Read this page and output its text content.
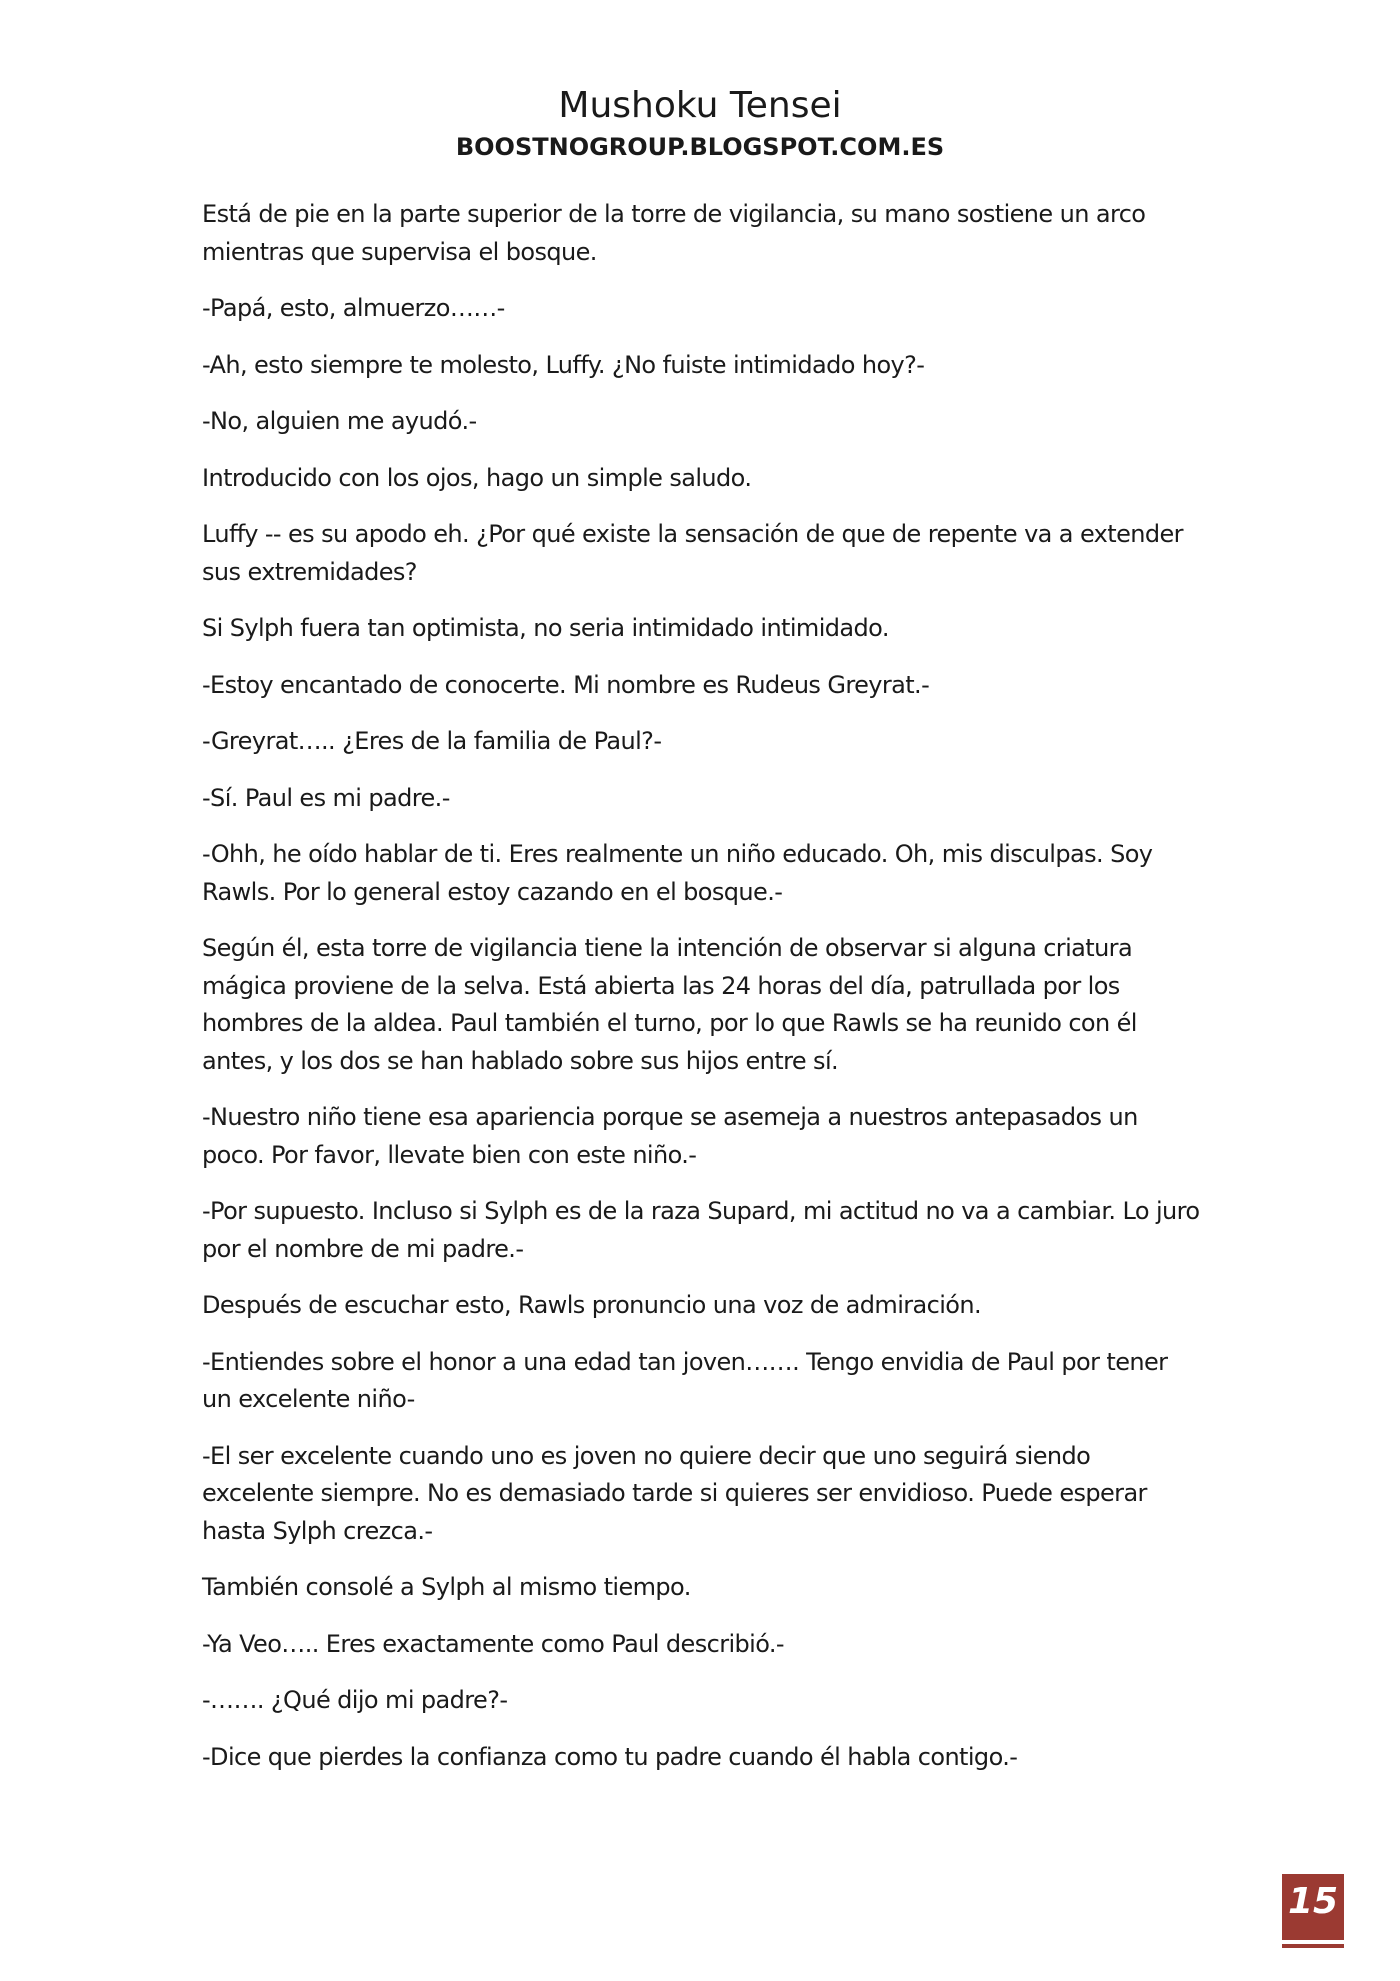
Mushoku Tensei
BOOSTNOGROUP.BLOGSPOT.COM.ES

Está de pie en la parte superior de la torre de vigilancia, su mano sostiene un arco mientras que supervisa el bosque.

-Papá, esto, almuerzo……-

-Ah, esto siempre te molesto, Luffy. ¿No fuiste intimidado hoy?-

-No, alguien me ayudó.-

Introducido con los ojos, hago un simple saludo.

Luffy -- es su apodo eh. ¿Por qué existe la sensación de que de repente va a extender sus extremidades?

Si Sylph fuera tan optimista, no seria intimidado intimidado.

-Estoy encantado de conocerte. Mi nombre es Rudeus Greyrat.-

-Greyrat….. ¿Eres de la familia de Paul?-

-Sí. Paul es mi padre.-

-Ohh, he oído hablar de ti. Eres realmente un niño educado. Oh, mis disculpas. Soy Rawls. Por lo general estoy cazando en el bosque.-

Según él, esta torre de vigilancia tiene la intención de observar si alguna criatura mágica proviene de la selva. Está abierta las 24 horas del día, patrullada por los hombres de la aldea. Paul también el turno, por lo que Rawls se ha reunido con él antes, y los dos se han hablado sobre sus hijos entre sí.

-Nuestro niño tiene esa apariencia porque se asemeja a nuestros antepasados un poco. Por favor, llevate bien con este niño.-

-Por supuesto. Incluso si Sylph es de la raza Supard, mi actitud no va a cambiar. Lo juro por el nombre de mi padre.-

Después de escuchar esto, Rawls pronuncio una voz de admiración.

-Entiendes sobre el honor a una edad tan joven……. Tengo envidia de Paul por tener un excelente niño-

-El ser excelente cuando uno es joven no quiere decir que uno seguirá siendo excelente siempre. No es demasiado tarde si quieres ser envidioso. Puede esperar hasta Sylph crezca.-

También consolé a Sylph al mismo tiempo.

-Ya Veo….. Eres exactamente como Paul describió.-

-……. ¿Qué dijo mi padre?-

-Dice que pierdes la confianza como tu padre cuando él habla contigo.-

15
